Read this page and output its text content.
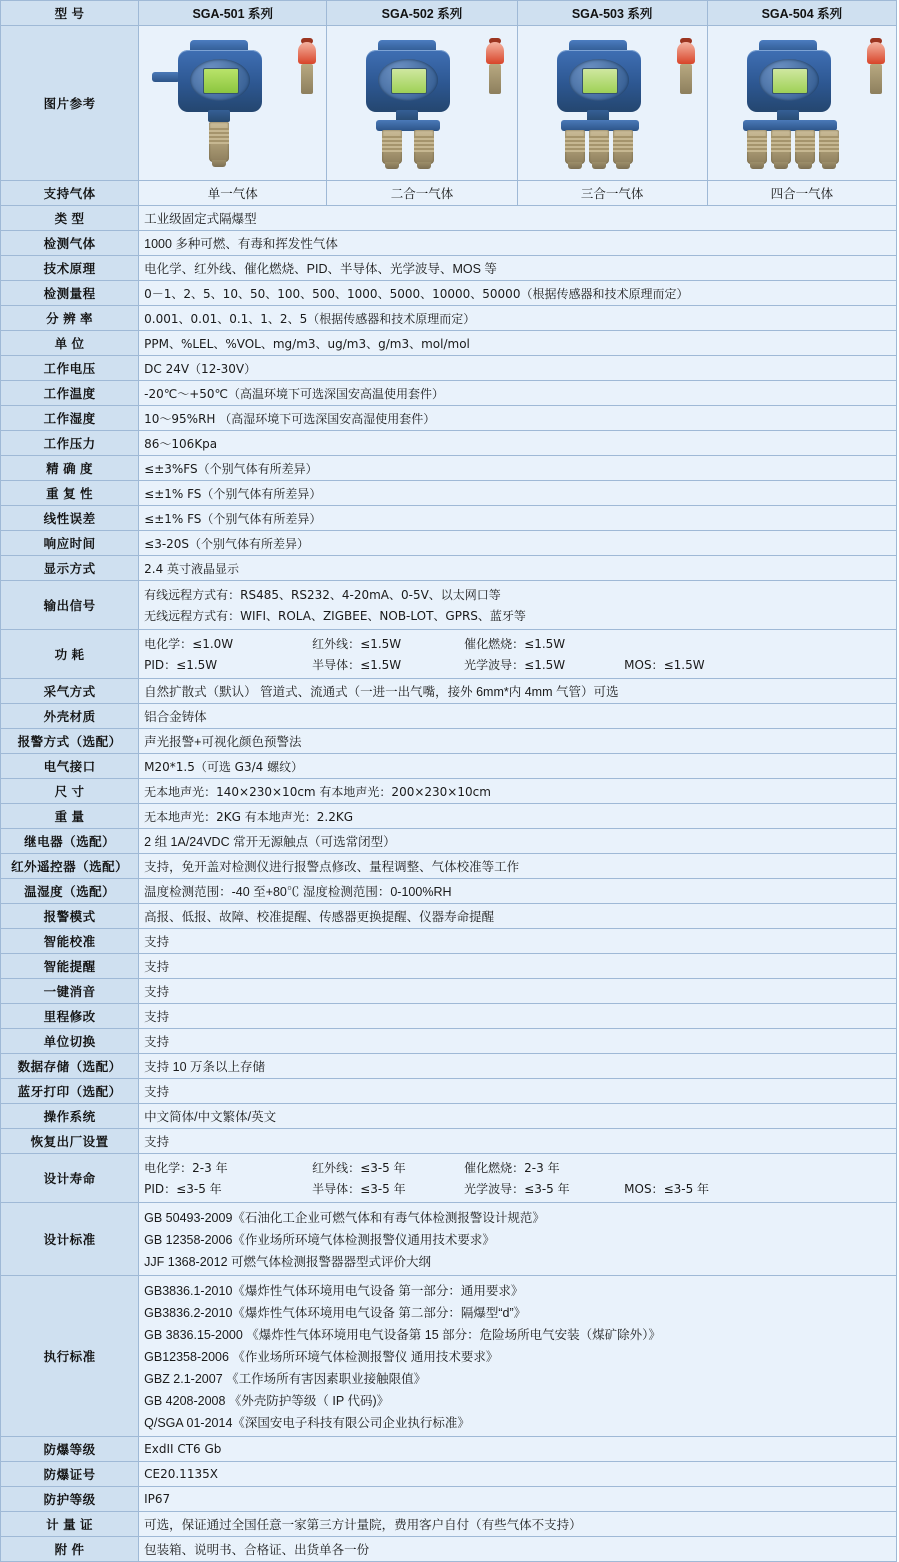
型 号	SGA-501 系列	SGA-502 系列	SGA-503 系列	SGA-504 系列
图片参考	

支持气体	单一气体	二合一气体	三合一气体	四合一气体
类 型	工业级固定式隔爆型			
检测气体	1000 多种可燃、有毒和挥发性气体			
技术原理	电化学、红外线、催化燃烧、PID、半导体、光学波导、MOS 等			
检测量程	0－1、2、5、10、50、100、500、1000、5000、10000、50000（根据传感器和技术原理而定）			
分 辨 率	0.001、0.01、0.1、1、2、5（根据传感器和技术原理而定）			
单 位	PPM、%LEL、%VOL、mg/m3、ug/m3、g/m3、mol/mol			
工作电压	DC 24V（12-30V）			
工作温度	-20℃～+50℃（高温环境下可选深国安高温使用套件）			
工作湿度	10～95%RH （高湿环境下可选深国安高湿使用套件）			
工作压力	86～106Kpa			
精 确 度	≤±3%FS（个别气体有所差异）			
重 复 性	≤±1% FS（个别气体有所差异）			
线性误差	≤±1% FS（个别气体有所差异）			
响应时间	≤3-20S（个别气体有所差异）			
显示方式	2.4 英寸液晶显示			
输出信号	有线远程方式有：RS485、RS232、4-20mA、0-5V、以太网口等
无线远程方式有：WIFI、ROLA、ZIGBEE、NOB-LOT、GPRS、蓝牙等			

功 耗	
电化学：≤1.0W	红外线：≤1.5W	催化燃烧：≤1.5W
PID：≤1.5W	半导体：≤1.5W	光学波导：≤1.5W	MOS：≤1.5W

采气方式	自然扩散式（默认） 管道式、流通式（一进一出气嘴，接外 6mm*内 4mm 气管）可选			
外壳材质	铝合金铸体			
报警方式（选配）	声光报警+可视化颜色预警法			
电气接口	M20*1.5（可选 G3/4 螺纹）			
尺 寸	无本地声光：140×230×10cm 有本地声光：200×230×10cm			
重 量	无本地声光：2KG 有本地声光：2.2KG			
继电器（选配）	2 组 1A/24VDC 常开无源触点（可选常闭型）			
红外遥控器（选配）	支持，免开盖对检测仪进行报警点修改、量程调整、气体校准等工作			
温湿度（选配）	温度检测范围：-40 至+80℃ 湿度检测范围：0-100%RH			
报警模式	高报、低报、故障、校准提醒、传感器更换提醒、仪器寿命提醒			
智能校准	支持			
智能提醒	支持			
一键消音	支持			
里程修改	支持			
单位切换	支持			
数据存储（选配）	支持 10 万条以上存储			
蓝牙打印（选配）	支持			
操作系统	中文简体/中文繁体/英文			
恢复出厂设置	支持			
设计寿命	
电化学：2-3 年	红外线：≤3-5 年	催化燃烧：2-3 年
PID：≤3-5 年	半导体：≤3-5 年	光学波导：≤3-5 年	MOS：≤3-5 年

设计标准	GB 50493-2009《石油化工企业可燃气体和有毒气体检测报警设计规范》
GB 12358-2006《作业场所环境气体检测报警仪通用技术要求》
JJF 1368-2012 可燃气体检测报警器器型式评价大纲			

执行标准	
GB3836.1-2010《爆炸性气体环境用电气设备 第一部分：通用要求》
GB3836.2-2010《爆炸性气体环境用电气设备 第二部分：隔爆型“d”》
GB 3836.15-2000 《爆炸性气体环境用电气设备第 15 部分：危险场所电气安装（煤矿除外）》
GB12358-2006 《作业场所环境气体检测报警仪 通用技术要求》
GBZ 2.1-2007 《工作场所有害因素职业接触限值》
GB 4208-2008 《外壳防护等级（ IP 代码)》
Q/SGA 01-2014《深国安电子科技有限公司企业执行标准》

防爆等级	ExdII CT6 Gb			
防爆证号	CE20.1135X			
防护等级	IP67			
计 量 证	可选，保证通过全国任意一家第三方计量院，费用客户自付（有些气体不支持）			
附 件	包装箱、说明书、合格证、出货单各一份			
